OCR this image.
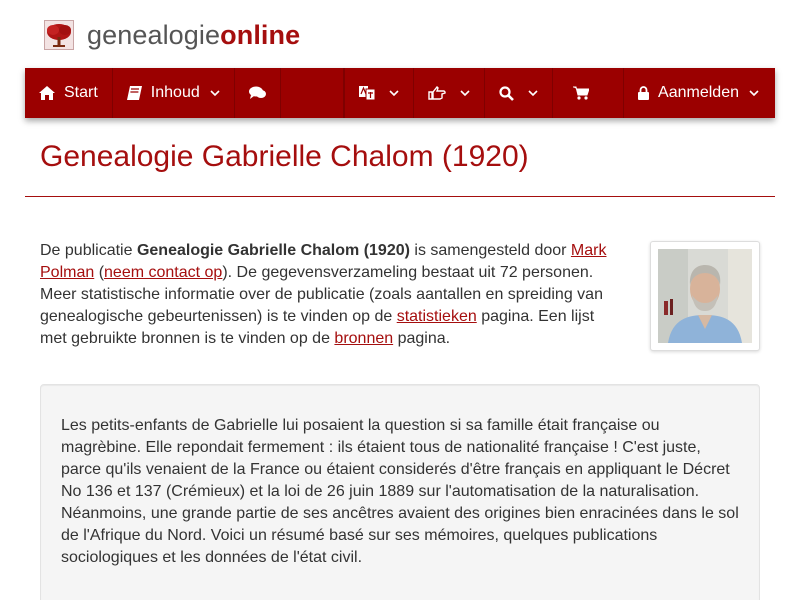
genealogieonline
Start	Inhoud	Aanmelden
Genealogie Gabrielle Chalom (1920)

De publicatie Genealogie Gabrielle Chalom (1920) is samengesteld door Mark Polman (neem contact op). De gegevensverzameling bestaat uit 72 personen. Meer statistische informatie over de publicatie (zoals aantallen en spreiding van genealogische gebeurtenissen) is te vinden op de statistieken pagina. Een lijst met gebruikte bronnen is te vinden op de bronnen pagina.

Les petits-enfants de Gabrielle lui posaient la question si sa famille était française ou magrèbine. Elle repondait fermement : ils étaient tous de nationalité française ! C'est juste, parce qu'ils venaient de la France ou étaient considerés d'être français en appliquant le Décret No 136 et 137 (Crémieux) et la loi de 26 juin 1889 sur l'automatisation de la naturalisation. Néanmoins, une grande partie de ses ancêtres avaient des origines bien enracinées dans le sol de l'Afrique du Nord. Voici un résumé basé sur ses mémoires, quelques publications sociologiques et les données de l'état civil.
